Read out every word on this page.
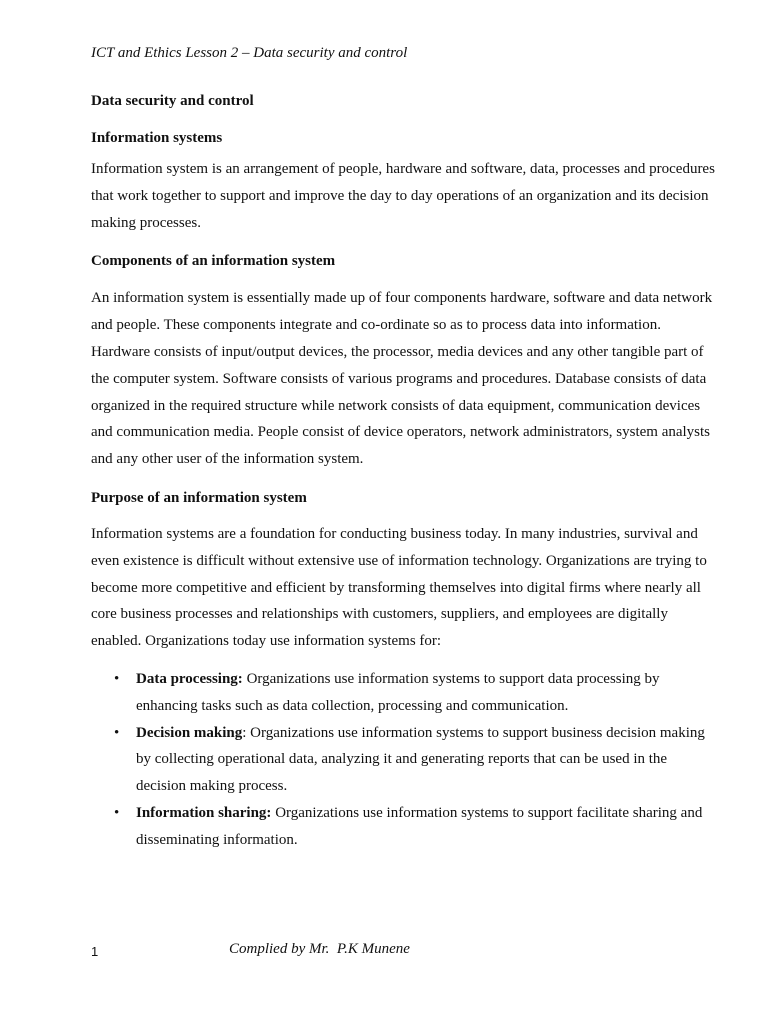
ICT and Ethics Lesson 2 – Data security and control
Data security and control
Information systems

Information system is an arrangement of people, hardware and software, data, processes and procedures that work together to support and improve the day to day operations of an organization and its decision making processes.

Components of an information system

An information system is essentially made up of four components hardware, software and data network and people. These components integrate and co-ordinate so as to process data into information. Hardware consists of input/output devices, the processor, media devices and any other tangible part of the computer system. Software consists of various programs and procedures. Database consists of data organized in the required structure while network consists of data equipment, communication devices and communication media. People consist of device operators, network administrators, system analysts and any other user of the information system.

Purpose of an information system

Information systems are a foundation for conducting business today. In many industries, survival and even existence is difficult without extensive use of information technology. Organizations are trying to become more competitive and efficient by transforming themselves into digital firms where nearly all core business processes and relationships with customers, suppliers, and employees are digitally enabled. Organizations today use information systems for:

• Data processing: Organizations use information systems to support data processing by enhancing tasks such as data collection, processing and communication.
• Decision making: Organizations use information systems to support business decision making by collecting operational data, analyzing it and generating reports that can be used in the decision making process.
• Information sharing: Organizations use information systems to support facilitate sharing and disseminating information.
1	Complied by Mr.  P.K Munene
